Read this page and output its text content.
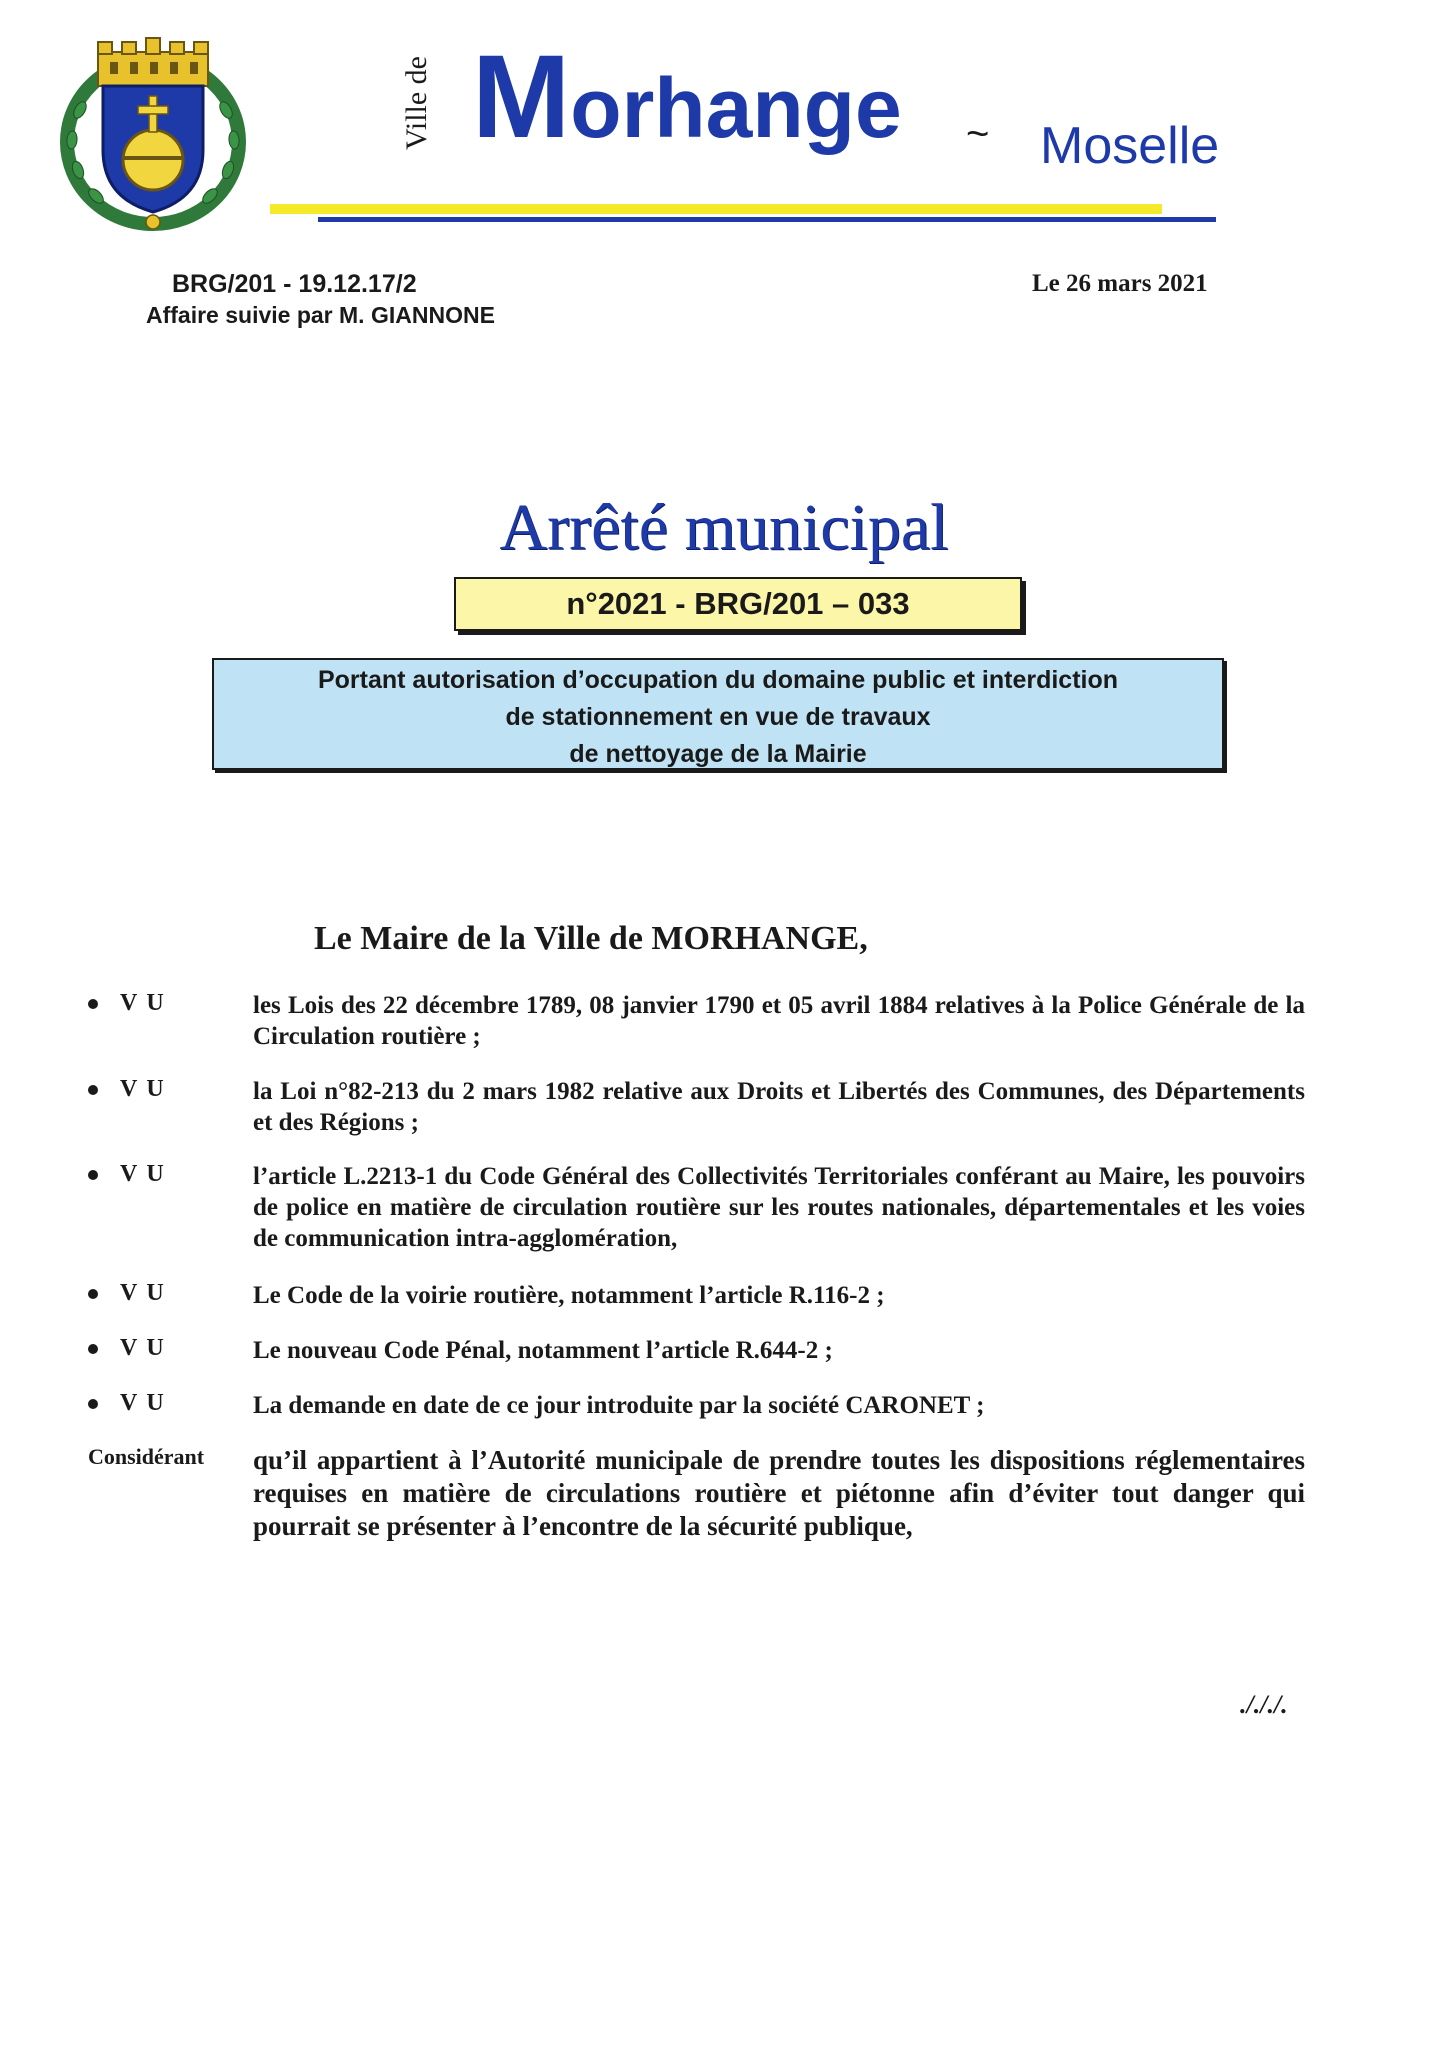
Ville de Morhange ~ Moselle
BRG/201 - 19.12.17/2
Affaire suivie par M. GIANNONE
Le 26 mars 2021
Arrêté municipal
n°2021 - BRG/201 – 033
Portant autorisation d’occupation du domaine public et interdiction
de stationnement en vue de travaux
de nettoyage de la Mairie
Le Maire de la Ville de MORHANGE,
VU	les Lois des 22 décembre 1789, 08 janvier 1790 et 05 avril 1884 relatives à la Police Générale de la Circulation routière ;
VU	la Loi n°82-213 du 2 mars 1982 relative aux Droits et Libertés des Communes, des Départements et des Régions ;
VU	l’article L.2213-1 du Code Général des Collectivités Territoriales conférant au Maire, les pouvoirs de police en matière de circulation routière sur les routes nationales, départementales et les voies de communication intra-agglomération,
VU	Le Code de la voirie routière, notamment l’article R.116-2 ;
VU	Le nouveau Code Pénal, notamment l’article R.644-2 ;
VU	La demande en date de ce jour introduite par la société CARONET ;
Considérant qu’il appartient à l’Autorité municipale de prendre toutes les dispositions réglementaires requises en matière de circulations routière et piétonne afin d’éviter tout danger qui pourrait se présenter à l’encontre de la sécurité publique,
./././.
